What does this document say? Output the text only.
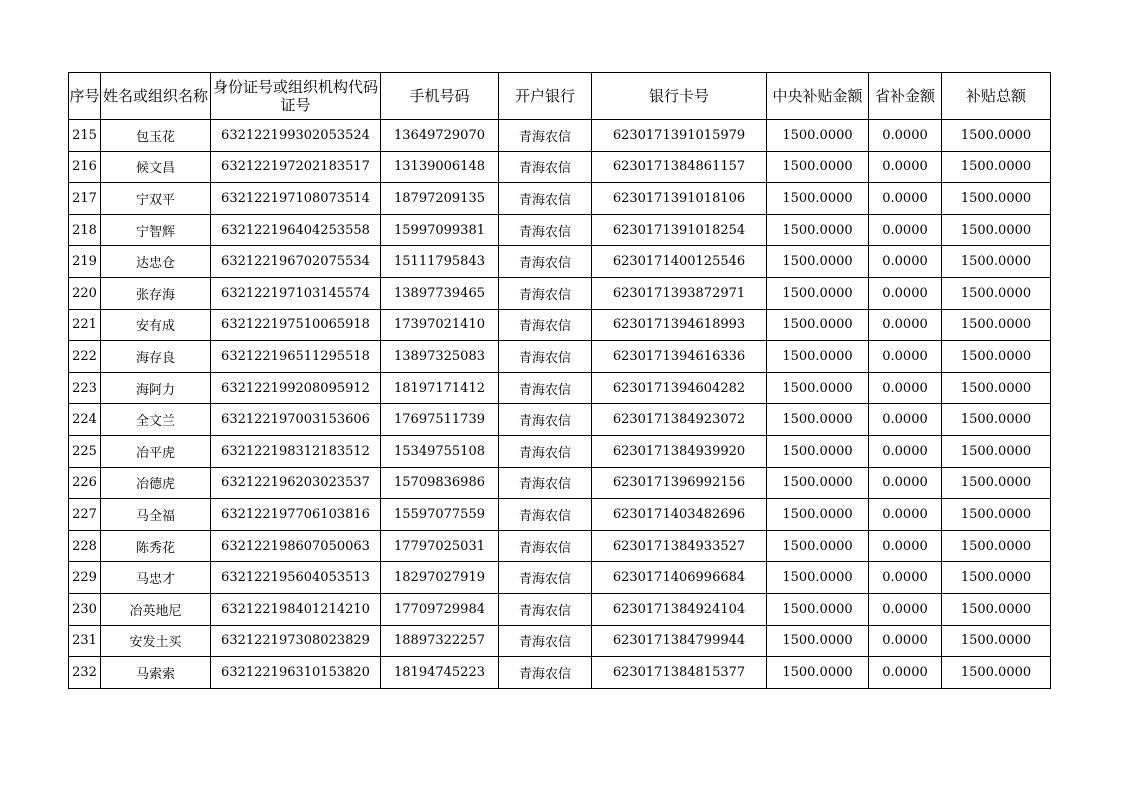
序号	姓名或组织名称	身份证号或组织机构代码证号	手机号码	开户银行	银行卡号	中央补贴金额	省补金额	补贴总额
215	包玉花	632122199302053524	13649729070	青海农信	6230171391015979	1500.0000	0.0000	1500.0000
216	候文昌	632122197202183517	13139006148	青海农信	6230171384861157	1500.0000	0.0000	1500.0000
217	宁双平	632122197108073514	18797209135	青海农信	6230171391018106	1500.0000	0.0000	1500.0000
218	宁智辉	632122196404253558	15997099381	青海农信	6230171391018254	1500.0000	0.0000	1500.0000
219	达忠仓	632122196702075534	15111795843	青海农信	6230171400125546	1500.0000	0.0000	1500.0000
220	张存海	632122197103145574	13897739465	青海农信	6230171393872971	1500.0000	0.0000	1500.0000
221	安有成	632122197510065918	17397021410	青海农信	6230171394618993	1500.0000	0.0000	1500.0000
222	海存良	632122196511295518	13897325083	青海农信	6230171394616336	1500.0000	0.0000	1500.0000
223	海阿力	632122199208095912	18197171412	青海农信	6230171394604282	1500.0000	0.0000	1500.0000
224	全文兰	632122197003153606	17697511739	青海农信	6230171384923072	1500.0000	0.0000	1500.0000
225	冶平虎	632122198312183512	15349755108	青海农信	6230171384939920	1500.0000	0.0000	1500.0000
226	冶德虎	632122196203023537	15709836986	青海农信	6230171396992156	1500.0000	0.0000	1500.0000
227	马全福	632122197706103816	15597077559	青海农信	6230171403482696	1500.0000	0.0000	1500.0000
228	陈秀花	632122198607050063	17797025031	青海农信	6230171384933527	1500.0000	0.0000	1500.0000
229	马忠才	632122195604053513	18297027919	青海农信	6230171406996684	1500.0000	0.0000	1500.0000
230	冶英地尼	632122198401214210	17709729984	青海农信	6230171384924104	1500.0000	0.0000	1500.0000
231	安发土买	632122197308023829	18897322257	青海农信	6230171384799944	1500.0000	0.0000	1500.0000
232	马索索	632122196310153820	18194745223	青海农信	6230171384815377	1500.0000	0.0000	1500.0000
